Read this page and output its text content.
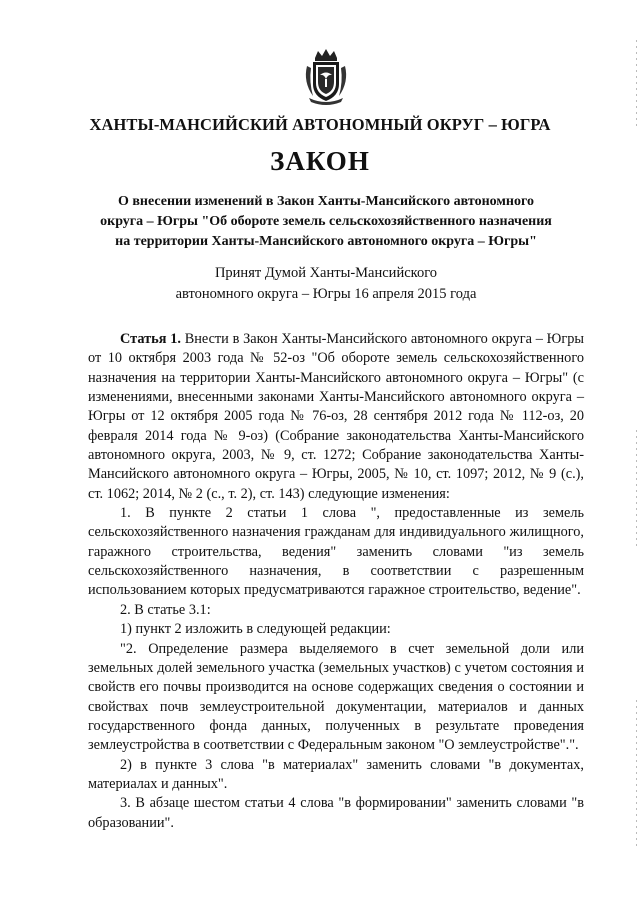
ХАНТЫ-МАНСИЙСКИЙ АВТОНОМНЫЙ ОКРУГ – ЮГРА
ЗАКОН
О внесении изменений в Закон Ханты-Мансийского автономного
округа – Югры "Об обороте земель сельскохозяйственного назначения
на территории Ханты-Мансийского автономного округа – Югры"
Принят Думой Ханты-Мансийского
автономного округа – Югры 16 апреля 2015 года

Статья 1. Внести в Закон Ханты-Мансийского автономного округа – Югры от 10 октября 2003 года № 52-оз "Об обороте земель сельскохозяйственного назначения на территории Ханты-Мансийского автономного округа – Югры" (с изменениями, внесенными законами Ханты-Мансийского автономного округа – Югры от 12 октября 2005 года № 76-оз, 28 сентября 2012 года № 112-оз, 20 февраля 2014 года № 9-оз) (Собрание законодательства Ханты-Мансийского автономного округа, 2003, № 9, ст. 1272; Собрание законодательства Ханты-Мансийского автономного округа – Югры, 2005, № 10, ст. 1097; 2012, № 9 (с.), ст. 1062; 2014, № 2 (с., т. 2), ст. 143) следующие изменения:

1. В пункте 2 статьи 1 слова ", предоставленные из земель сельскохозяйственного назначения гражданам для индивидуального жилищного, гаражного строительства, ведения" заменить словами "из земель сельскохозяйственного назначения, в соответствии с разрешенным использованием которых предусматриваются гаражное строительство, ведение".

2. В статье 3.1:

1) пункт 2 изложить в следующей редакции:

"2. Определение размера выделяемого в счет земельной доли или земельных долей земельного участка (земельных участков) с учетом состояния и свойств его почвы производится на основе содержащих сведения о состоянии и свойствах почв землеустроительной документации, материалов и данных государственного фонда данных, полученных в результате проведения землеустройства в соответствии с Федеральным законом "О землеустройстве".".

2) в пункте 3 слова "в материалах" заменить словами "в документах, материалах и данных".

3. В абзаце шестом статьи 4 слова "в формировании" заменить словами "в образовании".
